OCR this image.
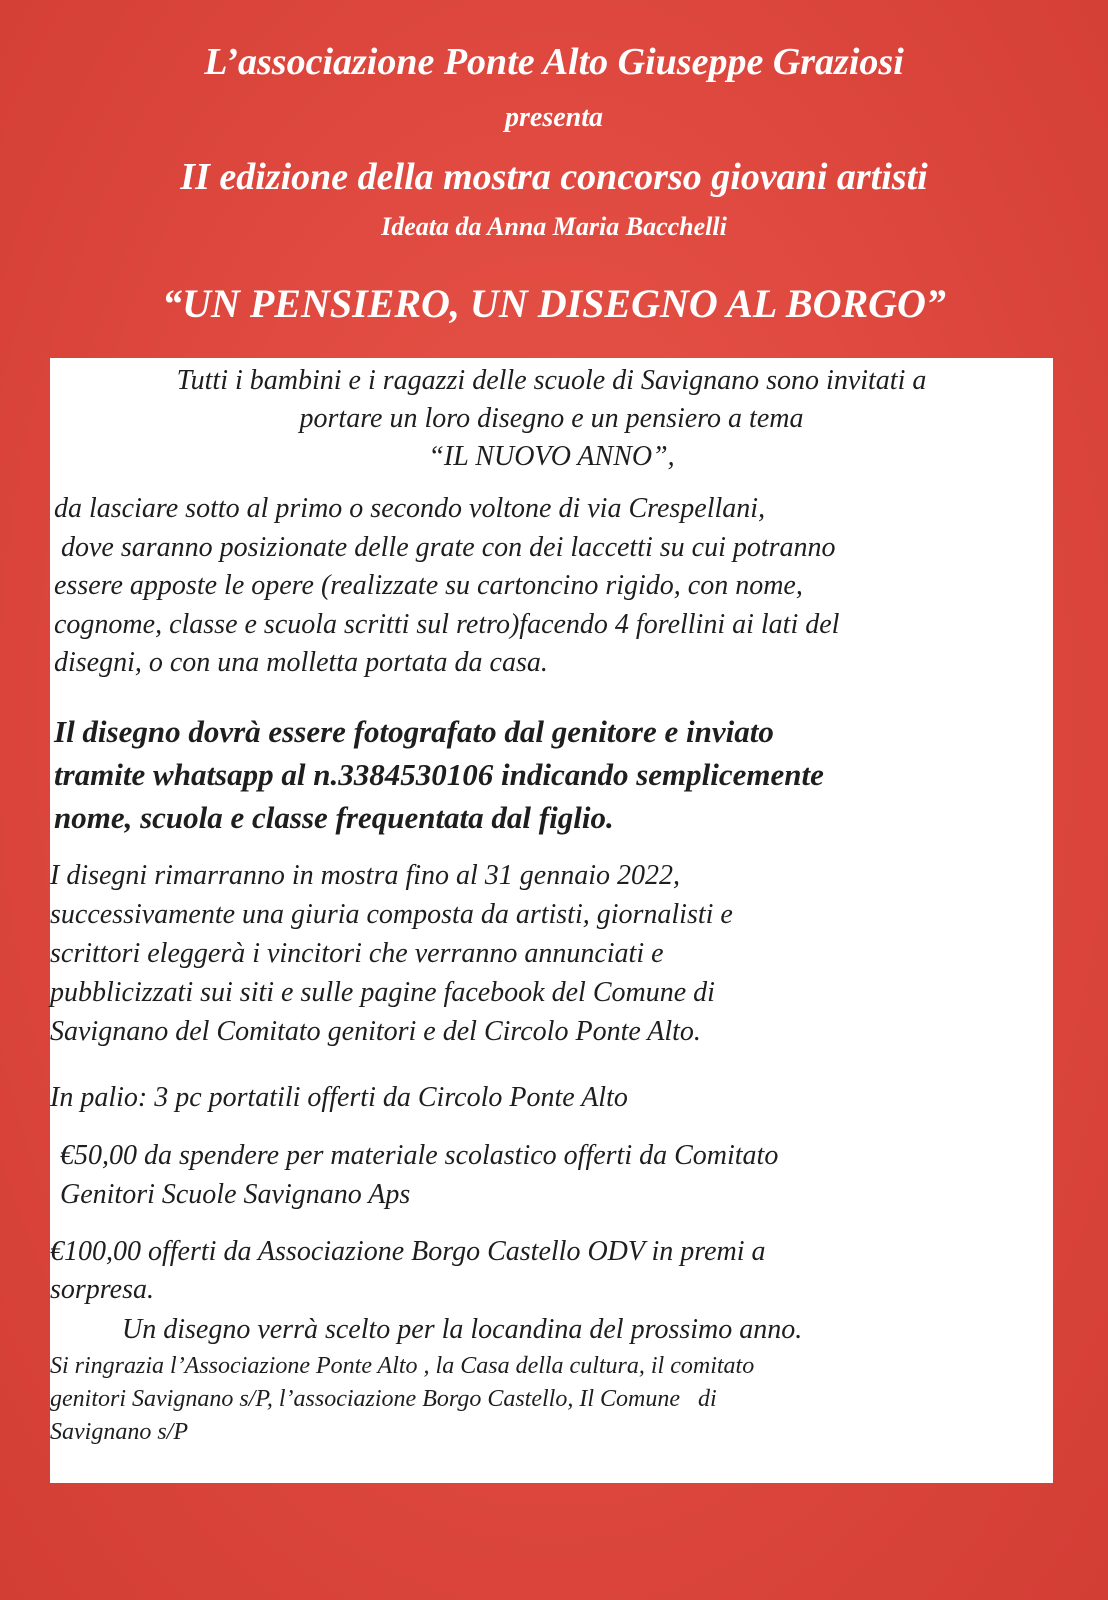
L’associazione Ponte Alto Giuseppe Graziosi
presenta
II edizione della mostra concorso giovani artisti
Ideata da Anna Maria Bacchelli
“UN PENSIERO, UN DISEGNO AL BORGO”
Tutti i bambini e i ragazzi delle scuole di Savignano sono invitati a
portare un loro disegno e un pensiero a tema
“IL NUOVO ANNO”,
da lasciare sotto al primo o secondo voltone di via Crespellani,
dove saranno posizionate delle grate con dei laccetti su cui potranno
essere apposte le opere (realizzate su cartoncino rigido, con nome,
cognome, classe e scuola scritti sul retro)facendo 4 forellini ai lati del
disegni, o con una molletta portata da casa.
Il disegno dovrà essere fotografato dal genitore e inviato
tramite whatsapp al n.3384530106 indicando semplicemente
nome, scuola e classe frequentata dal figlio.
I disegni rimarranno in mostra fino al 31 gennaio 2022,
successivamente una giuria composta da artisti, giornalisti e
scrittori eleggerà i vincitori che verranno annunciati e
pubblicizzati sui siti e sulle pagine facebook del Comune di
Savignano del Comitato genitori e del Circolo Ponte Alto.
In palio: 3 pc portatili offerti da Circolo Ponte Alto
€50,00 da spendere per materiale scolastico offerti da Comitato
Genitori Scuole Savignano Aps
€100,00 offerti da Associazione Borgo Castello ODV in premi a
sorpresa.
Un disegno verrà scelto per la locandina del prossimo anno.
Si ringrazia l’Associazione Ponte Alto , la Casa della cultura, il comitato
genitori Savignano s/P, l’associazione Borgo Castello, Il Comune   di
Savignano s/P
